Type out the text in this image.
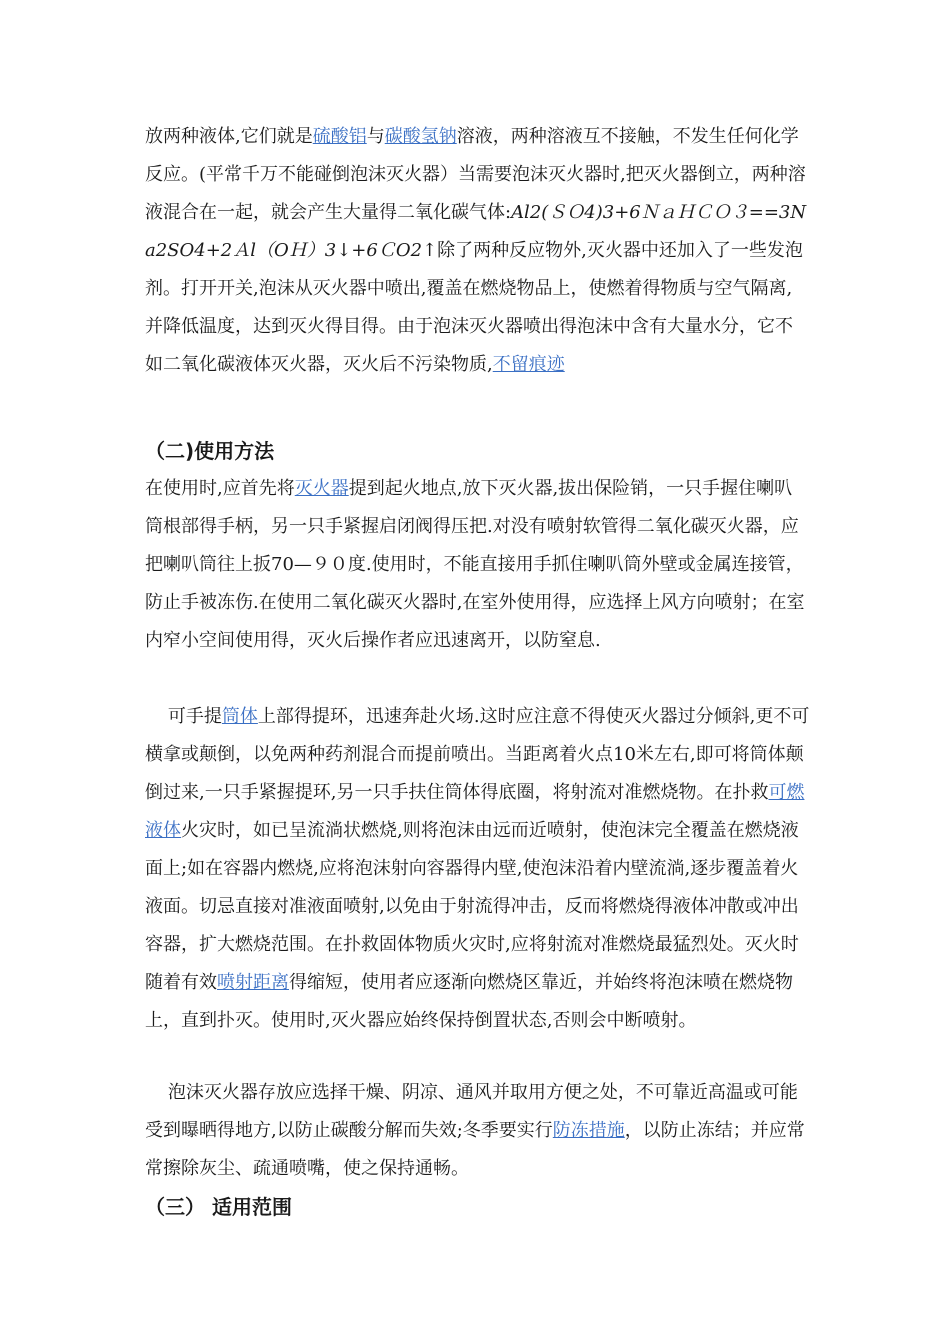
放两种液体,它们就是硫酸铝与碳酸氢钠溶液，两种溶液互不接触，不发生任何化学反应。(平常千万不能碰倒泡沫灭火器）当需要泡沫灭火器时,把灭火器倒立，两种溶液混合在一起，就会产生大量得二氧化碳气体:Al2(ＳＯ4)3+6ＮａＨＣＯ３==3Na2SO4+2Ａl（OＨ）3↓+6ＣO2↑除了两种反应物外,灭火器中还加入了一些发泡剂。打开开关,泡沫从灭火器中喷出,覆盖在燃烧物品上，使燃着得物质与空气隔离,并降低温度，达到灭火得目得。由于泡沫灭火器喷出得泡沫中含有大量水分，它不如二氧化碳液体灭火器，灭火后不污染物质,不留痕迹

（二)使用方法

在使用时,应首先将灭火器提到起火地点,放下灭火器,拔出保险销，一只手握住喇叭筒根部得手柄，另一只手紧握启闭阀得压把.对没有喷射软管得二氧化碳灭火器，应把喇叭筒往上扳70—９０度.使用时，不能直接用手抓住喇叭筒外壁或金属连接管，防止手被冻伤.在使用二氧化碳灭火器时,在室外使用得，应选择上风方向喷射；在室内窄小空间使用得，灭火后操作者应迅速离开，以防窒息.

可手提筒体上部得提环，迅速奔赴火场.这时应注意不得使灭火器过分倾斜,更不可横拿或颠倒，以免两种药剂混合而提前喷出。当距离着火点10米左右,即可将筒体颠倒过来,一只手紧握提环,另一只手扶住筒体得底圈，将射流对准燃烧物。在扑救可燃液体火灾时，如已呈流淌状燃烧,则将泡沫由远而近喷射，使泡沫完全覆盖在燃烧液面上;如在容器内燃烧,应将泡沫射向容器得内壁,使泡沫沿着内壁流淌,逐步覆盖着火液面。切忌直接对准液面喷射,以免由于射流得冲击，反而将燃烧得液体冲散或冲出容器，扩大燃烧范围。在扑救固体物质火灾时,应将射流对准燃烧最猛烈处。灭火时随着有效喷射距离得缩短，使用者应逐渐向燃烧区靠近，并始终将泡沫喷在燃烧物上，直到扑灭。使用时,灭火器应始终保持倒置状态,否则会中断喷射。

泡沫灭火器存放应选择干燥、阴凉、通风并取用方便之处，不可靠近高温或可能受到曝晒得地方,以防止碳酸分解而失效;冬季要实行防冻措施，以防止冻结；并应常常擦除灰尘、疏通喷嘴，使之保持通畅。

（三） 适用范围
